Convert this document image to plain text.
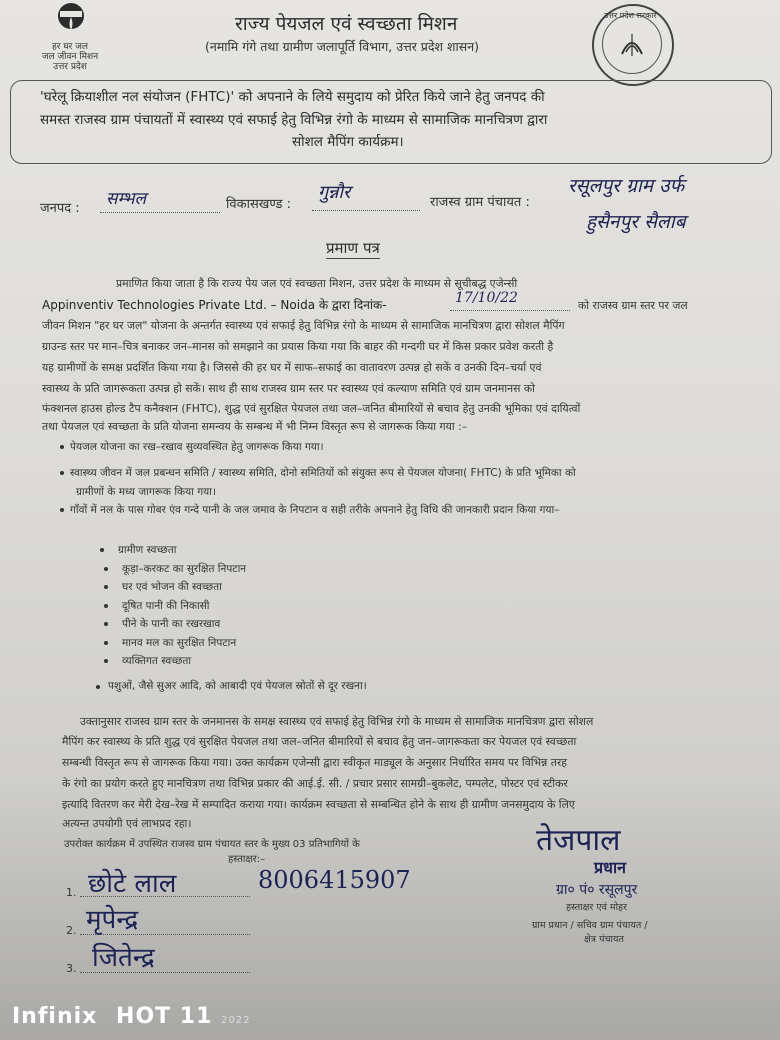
हर घर जल
जल जीवन मिशन
उत्तर प्रदेश
राज्य पेयजल एवं स्वच्छता मिशन
(नमामि गंगे तथा ग्रामीण जलापूर्ति विभाग, उत्तर प्रदेश शासन)
उत्तर प्रदेश सरकार
'घरेलू क्रियाशील नल संयोजन (FHTC)' को अपनाने के लिये समुदाय को प्रेरित किये जाने हेतु जनपद की
समस्त राजस्व ग्राम पंचायतों में स्वास्थ्य एवं सफाई हेतु विभिन्न रंगो के माध्यम से सामाजिक मानचित्रण द्वारा
सोशल मैपिंग कार्यक्रम।
जनपद : सम्भल	विकासखण्ड :
गुन्नौर	राजस्व ग्राम पंचायत :
रसूलपुर ग्राम उर्फ
हुसैनपुर सैलाब
प्रमाण पत्र
प्रमाणित किया जाता है कि राज्य पेय जल एवं स्वच्छता मिशन, उत्तर प्रदेश के माध्यम से सूचीबद्ध एजेन्सी
Appinventiv Technologies Private Ltd. – Noida के द्वारा दिनांक-	17/10/22	को राजस्व ग्राम स्तर पर जल
जीवन मिशन "हर घर जल" योजना के अन्तर्गत स्वास्थ्य एवं सफाई हेतु विभिन्न रंगो के माध्यम से सामाजिक मानचित्रण द्वारा सोशल मैपिंग
ग्राउन्ड स्तर पर मान–चित्र बनाकर जन–मानस को समझाने का प्रयास किया गया कि बाहर की गन्दगी घर में किस प्रकार प्रवेश करती है
यह ग्रामीणों के समक्ष प्रदर्शित किया गया है। जिससे की हर घर में साफ–सफाई का वातावरण उत्पन्न हो सकें व उनकी दिन–चर्या एवं
स्वास्थ्य के प्रति जागरूकता उत्पन्न हो सकें। साथ ही साथ राजस्व ग्राम स्तर पर स्वास्थ्य एवं कल्याण समिति एवं ग्राम जनमानस को
फंक्शनल हाउस होल्ड टैप कनैक्शन (FHTC), शुद्ध एवं सुरक्षित पेयजल तथा जल–जनित बीमारियों से बचाव हेतु उनकी भूमिका एवं दायित्वों
तथा पेयजल एवं स्वच्छता के प्रति योजना समन्वय के सम्बन्ध में भी निम्न विस्तृत रूप से जागरूक किया गया :–
पेयजल योजना का रख–रखाव सुव्यवस्थित हेतु जागरूक किया गया।
स्वास्थ्य जीवन में जल प्रबन्धन समिति / स्वास्थ्य समिति, दोनो समितियों को संयुक्त रूप से पेयजल योजना( FHTC) के प्रति भूमिका को
ग्रामीणों के मध्य जागरूक किया गया।
गाँवों में नल के पास गोबर एंव गन्दे पानी के जल जमाव के निपटान व सही तरीके अपनाने हेतु विधि की जानकारी प्रदान किया गया–
ग्रामीण स्वच्छता
कूड़ा–करकट का सुरक्षित निपटान
घर एवं भोजन की स्वच्छता
दूषित पानी की निकासी
पीने के पानी का रखरखाव
मानव मल का सुरक्षित निपटान
व्यक्तिगत स्वच्छता
पशुओं, जैसे सुअर आदि, को आबादी एवं पेयजल स्रोतों से दूर रखना।
उक्तानुसार राजस्व ग्राम स्तर के जनमानस के समक्ष स्वास्थ्य एवं सफाई हेतु विभिन्न रंगो के माध्यम से सामाजिक मानचित्रण द्वारा सोशल
मैपिंग कर स्वास्थ्य के प्रति शुद्ध एवं सुरक्षित पेयजल तथा जल–जनित बीमारियों से बचाव हेतु जन–जागरूकता कर पेयजल एवं स्वच्छता
सम्बन्धी विस्तृत रूप से जागरूक किया गया। उक्त कार्यक्रम एजेन्सी द्वारा स्वीकृत माड्यूल के अनुसार निर्धारित समय पर विभिन्न तरह
के रंगो का प्रयोग करते हुए मानचित्रण तथा विभिन्न प्रकार की आई.ई. सी. / प्रचार प्रसार सामग्री–बुकलेट, पम्पलेट, पोस्टर एवं स्टीकर
इत्यादि वितरण कर मेरी देख–रेख में सम्पादित कराया गया। कार्यक्रम स्वच्छता से सम्बन्धित होने के साथ ही ग्रामीण जनसमुदाय के लिए
अत्यन्त उपयोगी एवं लाभप्रद रहा।
उपरोक्त कार्यक्रम में उपस्थित राजस्व ग्राम पंचायत स्तर के मुख्य 03 प्रतिभागियों के
हस्ताक्षर:–
1. छोटे लाल	8006415907
2. मृपेन्द्र
3. जितेन्द्र
तेजपाल
प्रधान
ग्रा० पं० रसूलपुर
हस्ताक्षर एवं मोहर
ग्राम प्रधान / सचिव ग्राम पंचायत /
क्षेत्र पंचायत
Infinix HOT 11 2022
